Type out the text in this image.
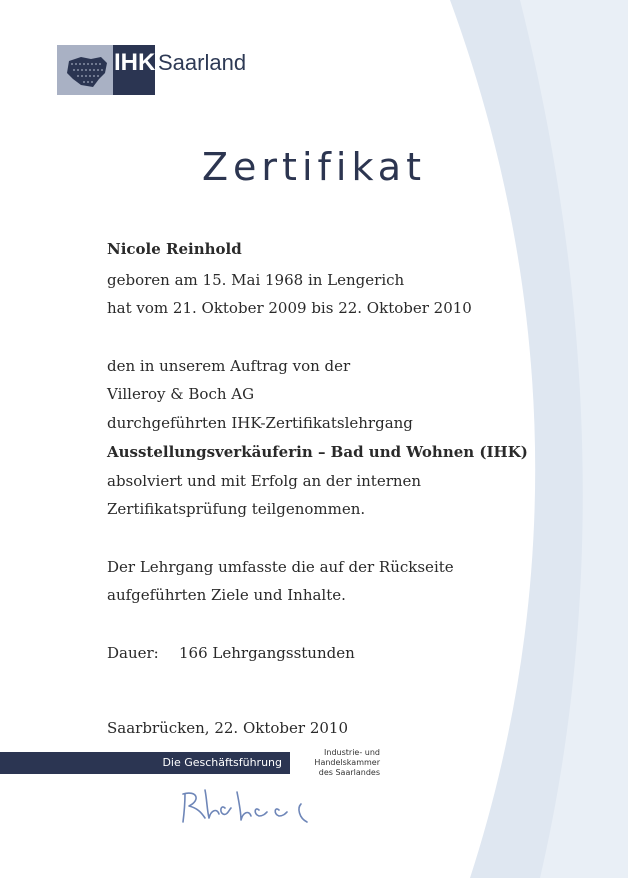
IHK Saarland
Zertifikat
Nicole Reinhold
geboren am 15. Mai 1968 in Lengerich
hat vom 21. Oktober 2009 bis 22. Oktober 2010
den in unserem Auftrag von der
Villeroy & Boch AG
durchgeführten IHK-Zertifikatslehrgang
Ausstellungsverkäuferin – Bad und Wohnen (IHK)
absolviert und mit Erfolg an der internen
Zertifikatsprüfung teilgenommen.
Der Lehrgang umfasste die auf der Rückseite
aufgeführten Ziele und Inhalte.
Dauer: 166 Lehrgangsstunden
Saarbrücken, 22. Oktober 2010
Die Geschäftsführung
Industrie- und
Handelskammer
des Saarlandes
